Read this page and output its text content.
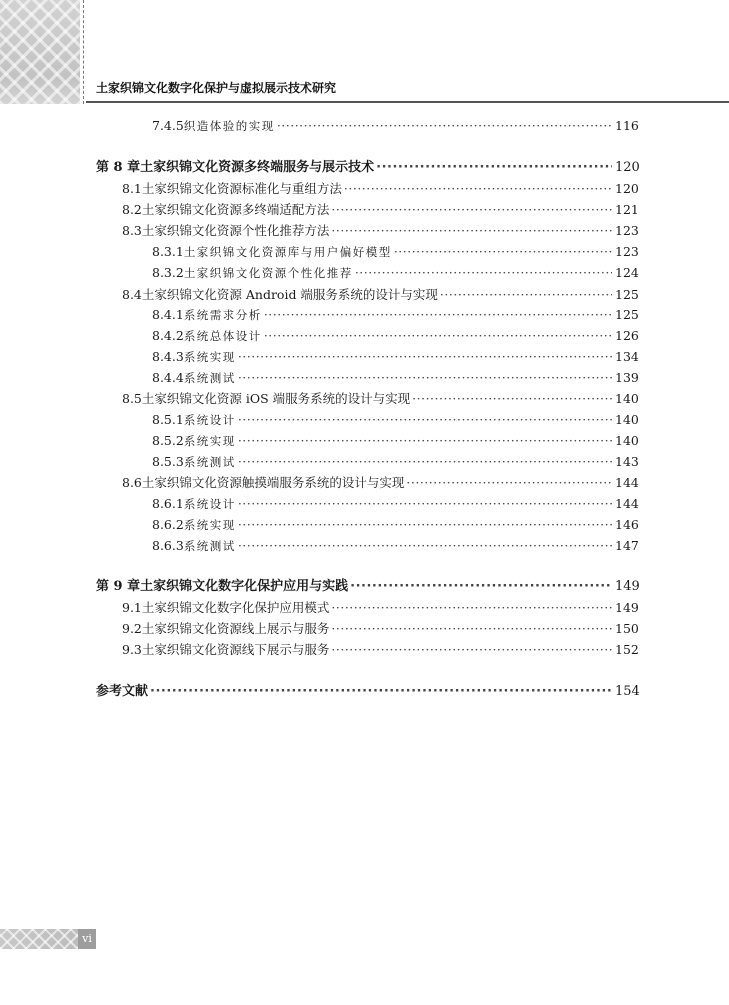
土家织锦文化数字化保护与虚拟展示技术研究
7.4.5 织造体验的实现 ·····	116
第 8 章 土家织锦文化资源多终端服务与展示技术 ·····	120
8.1 土家织锦文化资源标准化与重组方法 ·····	120
8.2 土家织锦文化资源多终端适配方法 ·····	121
8.3 土家织锦文化资源个性化推荐方法 ·····	123
8.3.1 土家织锦文化资源库与用户偏好模型 ·····	123
8.3.2 土家织锦文化资源个性化推荐 ·····	124
8.4 土家织锦文化资源 Android 端服务系统的设计与实现 ·····	125
8.4.1 系统需求分析 ·····	125
8.4.2 系统总体设计 ·····	126
8.4.3 系统实现 ·····	134
8.4.4 系统测试 ·····	139
8.5 土家织锦文化资源 iOS 端服务系统的设计与实现 ·····	140
8.5.1 系统设计 ·····	140
8.5.2 系统实现 ·····	140
8.5.3 系统测试 ·····	143
8.6 土家织锦文化资源触摸端服务系统的设计与实现 ·····	144
8.6.1 系统设计 ·····	144
8.6.2 系统实现 ·····	146
8.6.3 系统测试 ·····	147
第 9 章 土家织锦文化数字化保护应用与实践 ·····	149
9.1 土家织锦文化数字化保护应用模式 ·····	149
9.2 土家织锦文化资源线上展示与服务 ·····	150
9.3 土家织锦文化资源线下展示与服务 ·····	152
参考文献 ·····	154
vi
